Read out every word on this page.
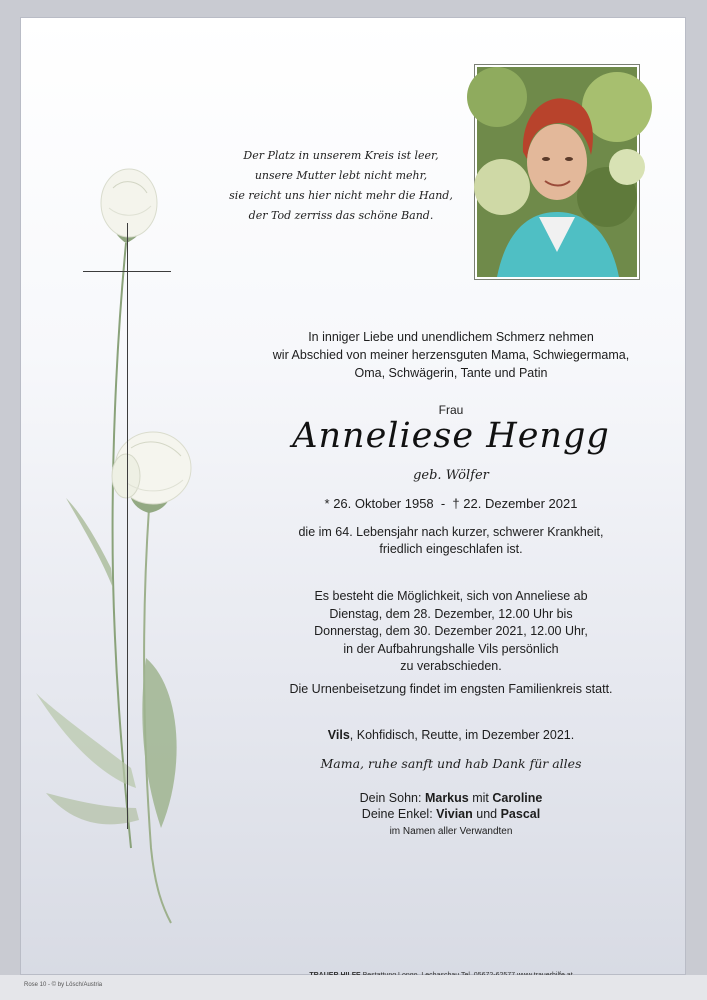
Der Platz in unserem Kreis ist leer,
unsere Mutter lebt nicht mehr,
sie reicht uns hier nicht mehr die Hand,
der Tod zerriss das schöne Band.
In inniger Liebe und unendlichem Schmerz nehmen
wir Abschied von meiner herzensguten Mama, Schwiegermama,
Oma, Schwägerin, Tante und Patin
Frau
Anneliese Hengg
geb. Wölfer
* 26. Oktober 1958  -  † 22. Dezember 2021
die im 64. Lebensjahr nach kurzer, schwerer Krankheit,
friedlich eingeschlafen ist.
Es besteht die Möglichkeit, sich von Anneliese ab
Dienstag, dem 28. Dezember, 12.00 Uhr bis
Donnerstag, dem 30. Dezember 2021, 12.00 Uhr,
in der Aufbahrungshalle Vils persönlich
zu verabschieden.
Die Urnenbeisetzung findet im engsten Familienkreis statt.
Vils, Kohfidisch, Reutte, im Dezember 2021.
Mama, ruhe sanft und hab Dank für alles
Dein Sohn: Markus mit Caroline
Deine Enkel: Vivian und Pascal
im Namen aller Verwandten
Rose 10 - © by Lösch/Austria
